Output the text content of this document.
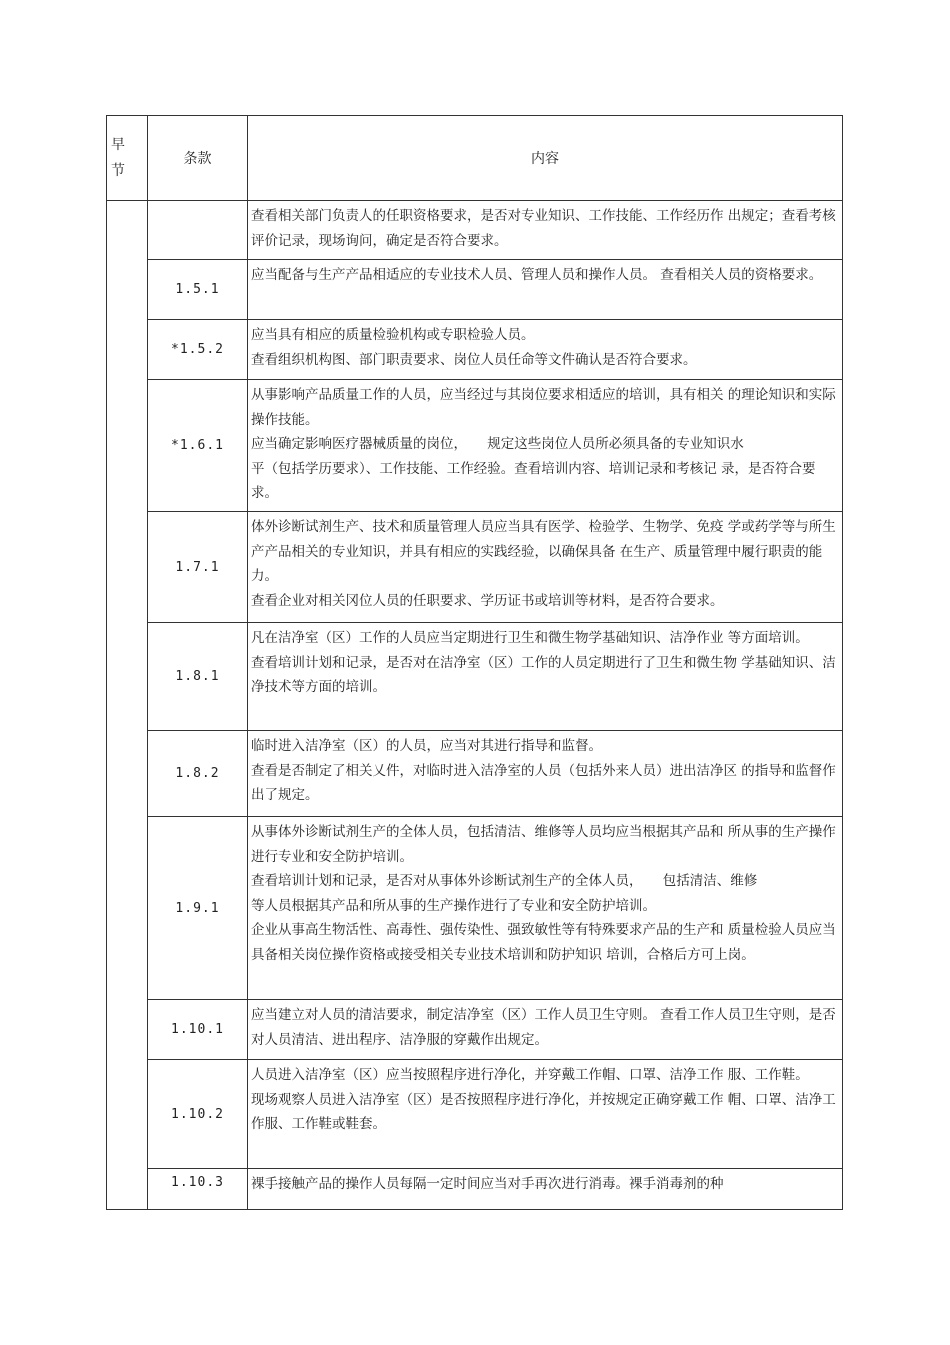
早
节	条款	内容

		查看相关部门负责人的任职资格要求，是否对专业知识、工作技能、工作经历作 出规定；查看考核评价记录，现场询问，确定是否符合要求。

	1.5.1	应当配备与生产产品相适应的专业技术人员、管理人员和操作人员。 查看相关人员的资格要求。

	*1.5.2	应当具有相应的质量检验机构或专职检验人员。

查看组织机构图、部门职责要求、岗位人员任命等文件确认是否符合要求。

	*1.6.1	从事影响产品质量工作的人员，应当经过与其岗位要求相适应的培训，具有相关 的理论知识和实际操作技能。

应当确定影响医疗器械质量的岗位，　　规定这些岗位人员所必须具备的专业知识水

平（包括学历要求）、工作技能、工作经验。查看培训内容、培训记录和考核记 录，是否符合要求。

	1.7.1	体外诊断试剂生产、技术和质量管理人员应当具有医学、检验学、生物学、免疫 学或药学等与所生产产品相关的专业知识，并具有相应的实践经验，以确保具备 在生产、质量管理中履行职责的能力。

查看企业对相关冈位人员的任职要求、学历证书或培训等材料，是否符合要求。

	1.8.1	凡在洁净室（区）工作的人员应当定期进行卫生和微生物学基础知识、洁净作业 等方面培训。

查看培训计划和记录，是否对在洁净室（区）工作的人员定期进行了卫生和微生物 学基础知识、洁净技术等方面的培训。

	1.8.2	临时进入洁净室（区）的人员，应当对其进行指导和监督。

查看是否制定了相关乂件，对临时进入洁净室的人员（包括外来人员）进出洁净区 的指导和监督作出了规定。

	1.9.1	从事体外诊断试剂生产的全体人员，包括清洁、维修等人员均应当根据其产品和 所从事的生产操作进行专业和安全防护培训。

查看培训计划和记录，是否对从事体外诊断试剂生产的全体人员，　　包括清洁、维修

等人员根据其产品和所从事的生产操作进行了专业和安全防护培训。

企业从事高生物活性、高毒性、强传染性、强致敏性等有特殊要求产品的生产和 质量检验人员应当具备相关岗位操作资格或接受相关专业技术培训和防护知识 培训，合格后方可上岗。

	1.10.1	应当建立对人员的清洁要求，制定洁净室（区）工作人员卫生守则。 查看工作人员卫生守则，是否对人员清洁、进出程序、洁净服的穿戴作出规定。

	1.10.2	人员进入洁净室（区）应当按照程序进行净化，并穿戴工作帽、口罩、洁净工作 服、工作鞋。

现场观察人员进入洁净室（区）是否按照程序进行净化，并按规定正确穿戴工作 帽、口罩、洁净工作服、工作鞋或鞋套。

	1.10.3	裸手接触产品的操作人员每隔一定时间应当对手再次进行消毒。裸手消毒剂的种
